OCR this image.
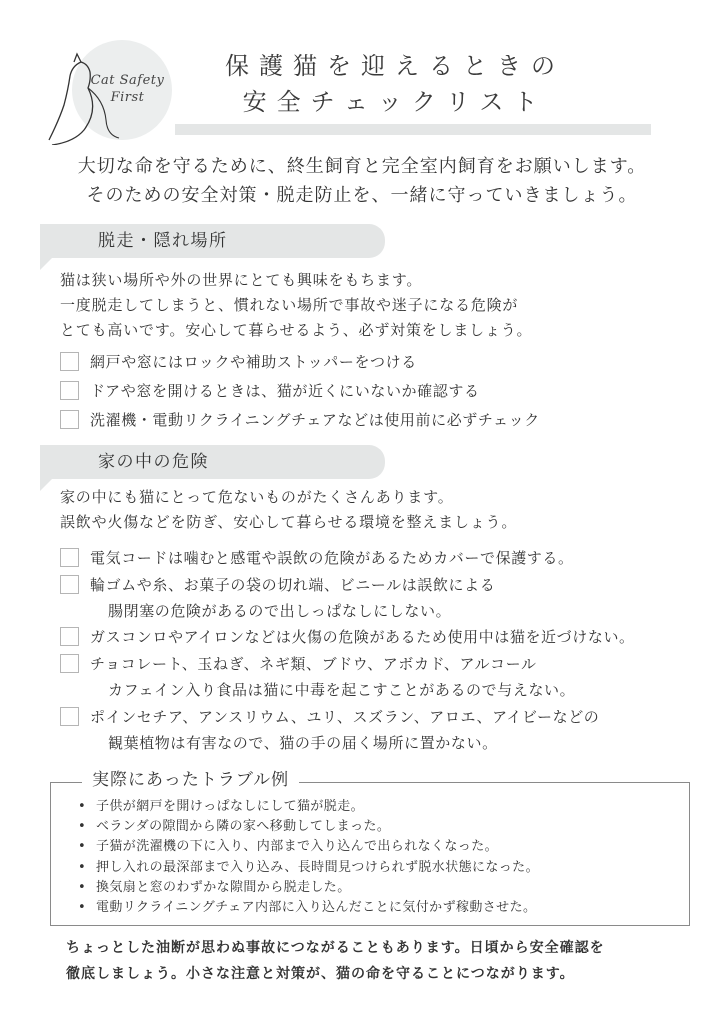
Cat Safety
First
保護猫を迎えるときの
安全チェックリスト
大切な命を守るために、終生飼育と完全室内飼育をお願いします。
そのための安全対策・脱走防止を、一緒に守っていきましょう。
脱走・隠れ場所
猫は狭い場所や外の世界にとても興味をもちます。
一度脱走してしまうと、慣れない場所で事故や迷子になる危険が
とても高いです。安心して暮らせるよう、必ず対策をしましょう。
網戸や窓にはロックや補助ストッパーをつける
ドアや窓を開けるときは、猫が近くにいないか確認する
洗濯機・電動リクライニングチェアなどは使用前に必ずチェック
家の中の危険
家の中にも猫にとって危ないものがたくさんあります。
誤飲や火傷などを防ぎ、安心して暮らせる環境を整えましょう。
電気コードは噛むと感電や誤飲の危険があるためカバーで保護する。
輪ゴムや糸、お菓子の袋の切れ端、ビニールは誤飲による
腸閉塞の危険があるので出しっぱなしにしない。
ガスコンロやアイロンなどは火傷の危険があるため使用中は猫を近づけない。
チョコレート、玉ねぎ、ネギ類、ブドウ、アボカド、アルコール
カフェイン入り食品は猫に中毒を起こすことがあるので与えない。
ポインセチア、アンスリウム、ユリ、スズラン、アロエ、アイビーなどの
観葉植物は有害なので、猫の手の届く場所に置かない。
実際にあったトラブル例
• 子供が網戸を開けっぱなしにして猫が脱走。
• ベランダの隙間から隣の家へ移動してしまった。
• 子猫が洗濯機の下に入り、内部まで入り込んで出られなくなった。
• 押し入れの最深部まで入り込み、長時間見つけられず脱水状態になった。
• 換気扇と窓のわずかな隙間から脱走した。
• 電動リクライニングチェア内部に入り込んだことに気付かず稼動させた。
ちょっとした油断が思わぬ事故につながることもあります。日頃から安全確認を
徹底しましょう。小さな注意と対策が、猫の命を守ることにつながります。
